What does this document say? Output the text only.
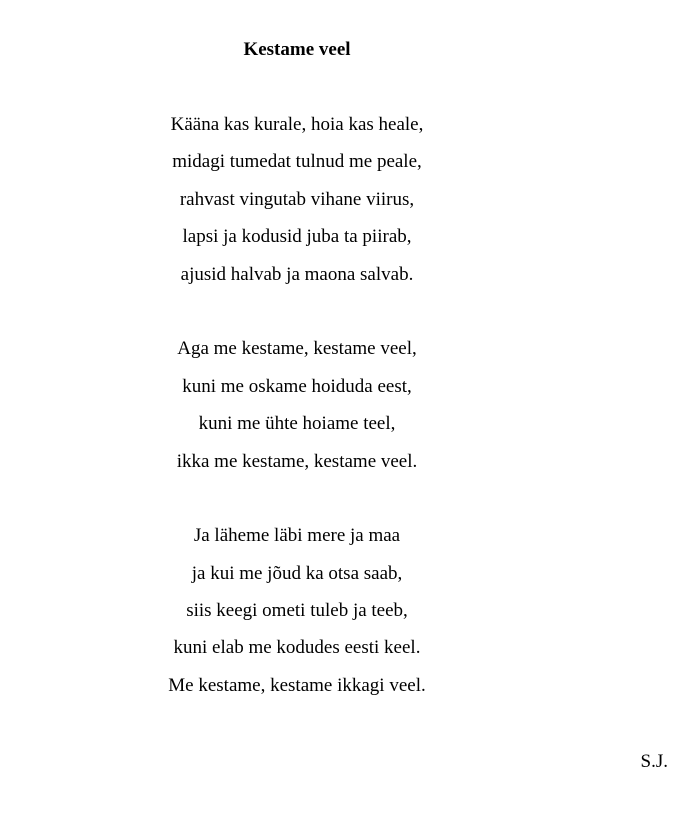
Kestame veel
Käänа kas kurale, hoia kas heale,
midagi tumedat tulnud me peale,
rahvast vingutab vihane viirus,
lapsi ja kodusid juba ta piirab,
ajusid halvab ja maona salvab.
Aga me kestame, kestame veel,
kuni me oskame hoiduda eest,
kuni me ühte hoiame teel,
ikka me kestame, kestame veel.
Ja läheme läbi mere ja maa
ja kui me jõud ka otsa saab,
siis keegi ometi tuleb ja teeb,
kuni elab me kodudes eesti keel.
Me kestame, kestame ikkagi veel.
S.J.
